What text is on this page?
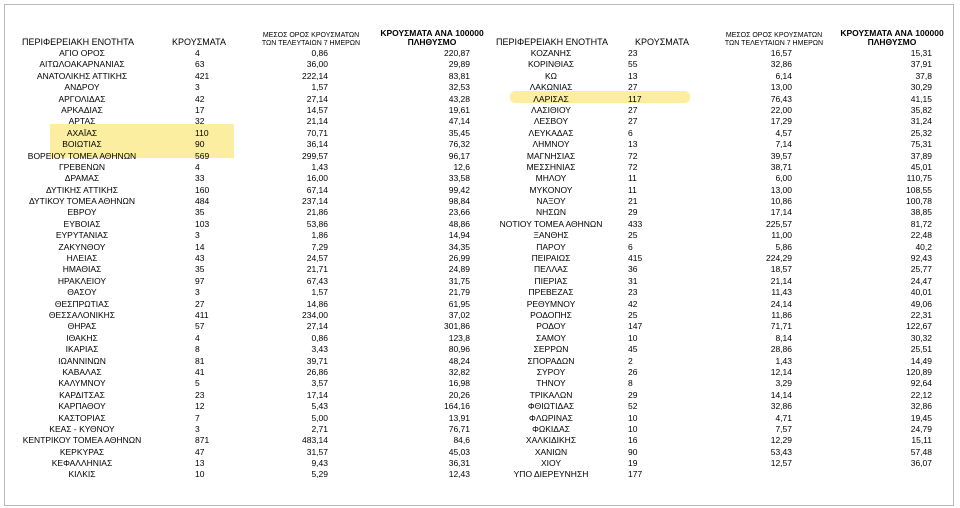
ΠΕΡΙΦΕΡΕΙΑΚΗ ΕΝΟΤΗΤΑ	ΚΡΟΥΣΜΑΤΑ
ΜΕΣΟΣ ΟΡΟΣ ΚΡΟΥΣΜΑΤΩΝ ΤΩΝ ΤΕΛΕΥΤΑΙΩΝ 7 ΗΜΕΡΩΝ
ΚΡΟΥΣΜΑΤΑ ΑΝΑ 100000 ΠΛΗΘΥΣΜΟ
ΑΓΙΟ ΟΡΟΣ	4	0,86	220,87
ΑΙΤΩΛΟΑΚΑΡΝΑΝΙΑΣ	63	36,00	29,89
ΑΝΑΤΟΛΙΚΗΣ ΑΤΤΙΚΗΣ	421	222,14	83,81
ΑΝΔΡΟΥ	3	1,57	32,53
ΑΡΓΟΛΙΔΑΣ	42	27,14	43,28
ΑΡΚΑΔΙΑΣ	17	14,57	19,61
ΑΡΤΑΣ	32	21,14	47,14
ΑΧΑΪΑΣ	110	70,71	35,45
ΒΟΙΩΤΙΑΣ	90	36,14	76,32
ΒΟΡΕΙΟΥ ΤΟΜΕΑ ΑΘΗΝΩΝ	569	299,57	96,17
ΓΡΕΒΕΝΩΝ	4	1,43	12,6
ΔΡΑΜΑΣ	33	16,00	33,58
ΔΥΤΙΚΗΣ ΑΤΤΙΚΗΣ	160	67,14	99,42
ΔΥΤΙΚΟΥ ΤΟΜΕΑ ΑΘΗΝΩΝ	484	237,14	98,84
ΕΒΡΟΥ	35	21,86	23,66
ΕΥΒΟΙΑΣ	103	53,86	48,86
ΕΥΡΥΤΑΝΙΑΣ	3	1,86	14,94
ΖΑΚΥΝΘΟΥ	14	7,29	34,35
ΗΛΕΙΑΣ	43	24,57	26,99
ΗΜΑΘΙΑΣ	35	21,71	24,89
ΗΡΑΚΛΕΙΟΥ	97	67,43	31,75
ΘΑΣΟΥ	3	1,57	21,79
ΘΕΣΠΡΩΤΙΑΣ	27	14,86	61,95
ΘΕΣΣΑΛΟΝΙΚΗΣ	411	234,00	37,02
ΘΗΡΑΣ	57	27,14	301,86
ΙΘΑΚΗΣ	4	0,86	123,8
ΙΚΑΡΙΑΣ	8	3,43	80,96
ΙΩΑΝΝΙΝΩΝ	81	39,71	48,24
ΚΑΒΑΛΑΣ	41	26,86	32,82
ΚΑΛΥΜΝΟΥ	5	3,57	16,98
ΚΑΡΔΙΤΣΑΣ	23	17,14	20,26
ΚΑΡΠΑΘΟΥ	12	5,43	164,16
ΚΑΣΤΟΡΙΑΣ	7	5,00	13,91
ΚΕΑΣ - ΚΥΘΝΟΥ	3	2,71	76,71
ΚΕΝΤΡΙΚΟΥ ΤΟΜΕΑ ΑΘΗΝΩΝ	871	483,14	84,6
ΚΕΡΚΥΡΑΣ	47	31,57	45,03
ΚΕΦΑΛΛΗΝΙΑΣ	13	9,43	36,31
ΚΙΛΚΙΣ	10	5,29	12,43
ΠΕΡΙΦΕΡΕΙΑΚΗ ΕΝΟΤΗΤΑ	ΚΡΟΥΣΜΑΤΑ
ΜΕΣΟΣ ΟΡΟΣ ΚΡΟΥΣΜΑΤΩΝ ΤΩΝ ΤΕΛΕΥΤΑΙΩΝ 7 ΗΜΕΡΩΝ
ΚΡΟΥΣΜΑΤΑ ΑΝΑ 100000 ΠΛΗΘΥΣΜΟ
ΚΟΖΑΝΗΣ	23	16,57	15,31
ΚΟΡΙΝΘΙΑΣ	55	32,86	37,91
ΚΩ	13	6,14	37,8
ΛΑΚΩΝΙΑΣ	27	13,00	30,29
ΛΑΡΙΣΑΣ	117	76,43	41,15
ΛΑΣΙΘΙΟΥ	27	22,00	35,82
ΛΕΣΒΟΥ	27	17,29	31,24
ΛΕΥΚΑΔΑΣ	6	4,57	25,32
ΛΗΜΝΟΥ	13	7,14	75,31
ΜΑΓΝΗΣΙΑΣ	72	39,57	37,89
ΜΕΣΣΗΝΙΑΣ	72	38,71	45,01
ΜΗΛΟΥ	11	6,00	110,75
ΜΥΚΟΝΟΥ	11	13,00	108,55
ΝΑΞΟΥ	21	10,86	100,78
ΝΗΣΩΝ	29	17,14	38,85
ΝΟΤΙΟΥ ΤΟΜΕΑ ΑΘΗΝΩΝ	433	225,57	81,72
ΞΑΝΘΗΣ	25	11,00	22,48
ΠΑΡΟΥ	6	5,86	40,2
ΠΕΙΡΑΙΩΣ	415	224,29	92,43
ΠΕΛΛΑΣ	36	18,57	25,77
ΠΙΕΡΙΑΣ	31	21,14	24,47
ΠΡΕΒΕΖΑΣ	23	11,43	40,01
ΡΕΘΥΜΝΟΥ	42	24,14	49,06
ΡΟΔΟΠΗΣ	25	11,86	22,31
ΡΟΔΟΥ	147	71,71	122,67
ΣΑΜΟΥ	10	8,14	30,32
ΣΕΡΡΩΝ	45	28,86	25,51
ΣΠΟΡΑΔΩΝ	2	1,43	14,49
ΣΥΡΟΥ	26	12,14	120,89
ΤΗΝΟΥ	8	3,29	92,64
ΤΡΙΚΑΛΩΝ	29	14,14	22,12
ΦΘΙΩΤΙΔΑΣ	52	32,86	32,86
ΦΛΩΡΙΝΑΣ	10	4,71	19,45
ΦΩΚΙΔΑΣ	10	7,57	24,79
ΧΑΛΚΙΔΙΚΗΣ	16	12,29	15,11
ΧΑΝΙΩΝ	90	53,43	57,48
ΧΙΟΥ	19	12,57	36,07
ΥΠΟ ΔΙΕΡΕΥΝΗΣΗ	177
